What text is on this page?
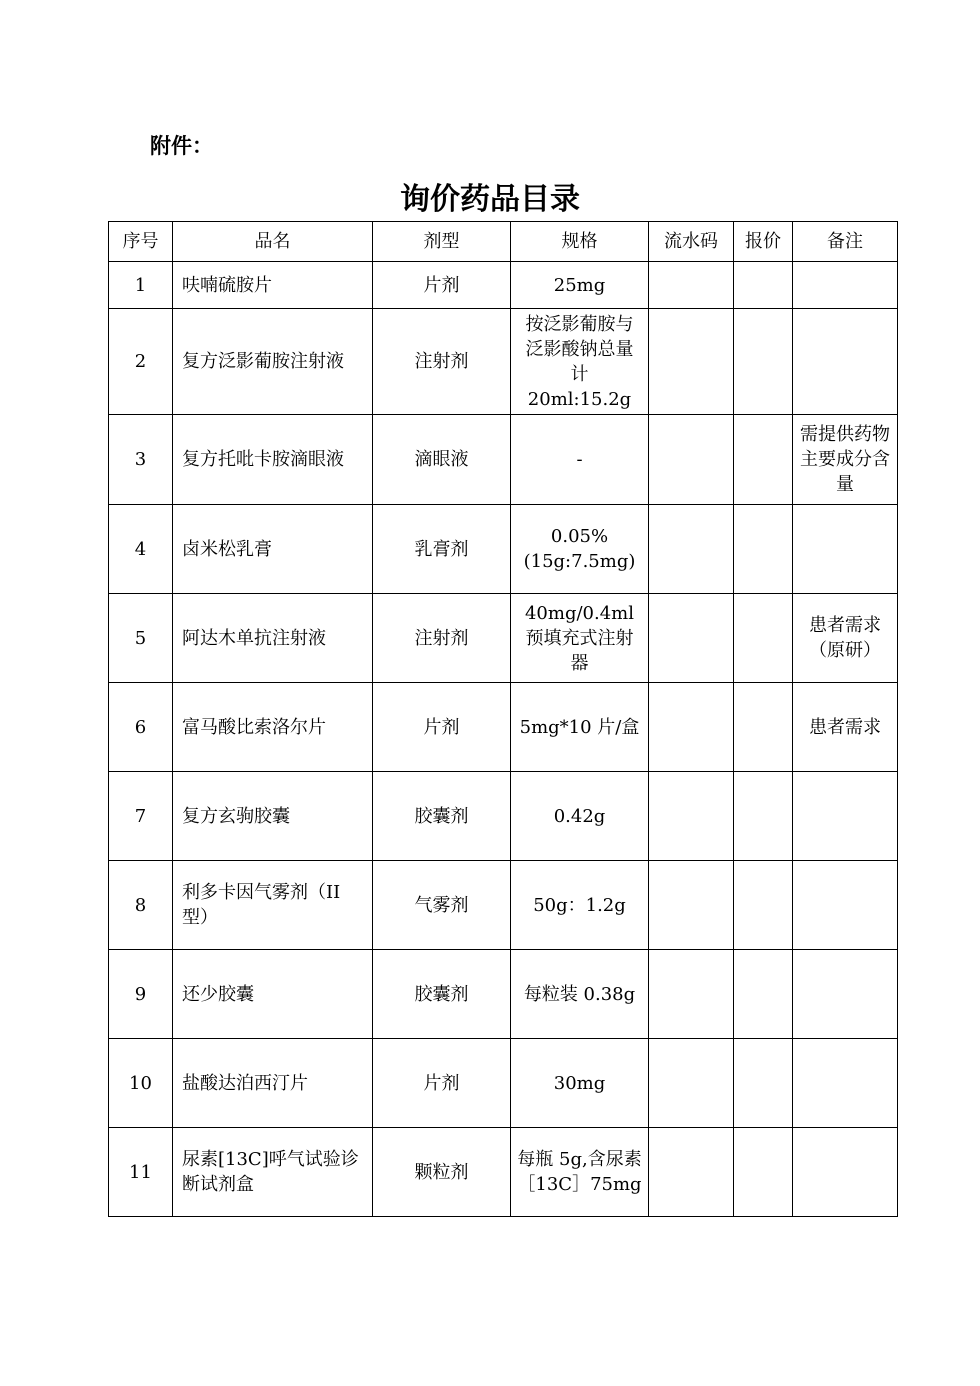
附件：
询价药品目录
序号	品名	剂型	规格	流水码	报价	备注
1	呋喃硫胺片	片剂	25mg			
2	复方泛影葡胺注射液	注射剂	按泛影葡胺与泛影酸钠总量计 20ml:15.2g			
3	复方托吡卡胺滴眼液	滴眼液	-			需提供药物主要成分含量
4	卤米松乳膏	乳膏剂	0.05%(15g:7.5mg)			
5	阿达木单抗注射液	注射剂	40mg/0.4ml预填充式注射器			患者需求（原研）
6	富马酸比索洛尔片	片剂	5mg*10 片/盒			患者需求
7	复方玄驹胶囊	胶囊剂	0.42g			
8	利多卡因气雾剂（II型）	气雾剂	50g：1.2g			
9	还少胶囊	胶囊剂	每粒装 0.38g			
10	盐酸达泊西汀片	片剂	30mg			
11	尿素[13C]呼气试验诊断试剂盒	颗粒剂	每瓶 5g,含尿素［13C］75mg			
